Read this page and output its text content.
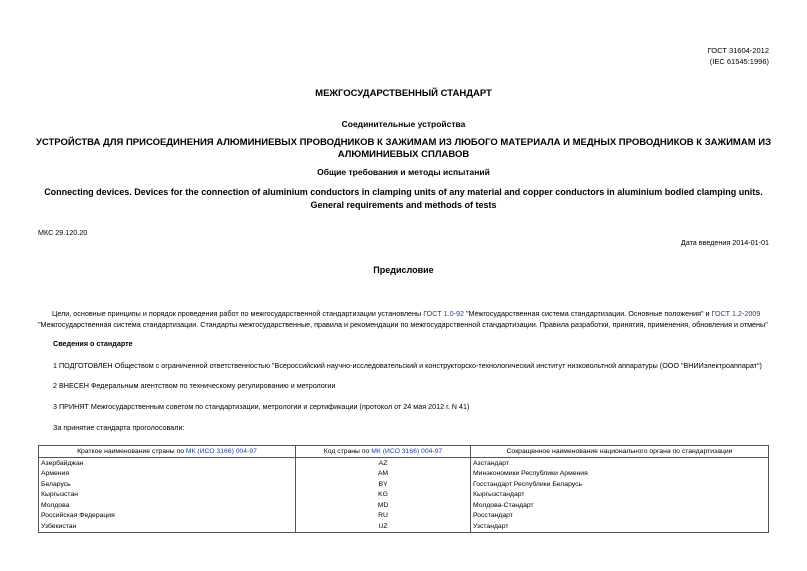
ГОСТ 31604-2012
(IEC 61545:1996)
МЕЖГОСУДАРСТВЕННЫЙ СТАНДАРТ
Соединительные устройства
УСТРОЙСТВА ДЛЯ ПРИСОЕДИНЕНИЯ АЛЮМИНИЕВЫХ ПРОВОДНИКОВ К ЗАЖИМАМ ИЗ ЛЮБОГО МАТЕРИАЛА И МЕДНЫХ ПРОВОДНИКОВ К ЗАЖИМАМ ИЗ
АЛЮМИНИЕВЫХ СПЛАВОВ
Общие требования и методы испытаний
Connecting devices. Devices for the connection of aluminium conductors in clamping units of any material and copper conductors in aluminium bodied clamping units.
General requirements and methods of tests
МКС 29.120.20
Дата введения 2014-01-01
Предисловие
Цели, основные принципы и порядок проведения работ по межгосударственной стандартизации установлены ГОСТ 1.0-92 "Межгосударственная система стандартизации. Основные положения" и ГОСТ 1.2-2009
"Межгосударственная система стандартизации. Стандарты межгосударственные, правила и рекомендации по межгосударственной стандартизации. Правила разработки, принятия, применения, обновления и отмены"
Сведения о стандарте
1 ПОДГОТОВЛЕН Обществом с ограниченной ответственностью "Всероссийский научно-исследовательский и конструкторско-технологический институт низковольтной аппаратуры (ООО "ВНИИэлектроаппарат")
2 ВНЕСЕН Федеральным агентством по техническому регулированию и метрологии
3 ПРИНЯТ Межгосударственным советом по стандартизации, метрологии и сертификации (протокол от 24 мая 2012 г. N 41)
За принятие стандарта проголосовали:
Краткое наименование страны по МК (ИСО 3166) 004-97	Код страны по МК (ИСО 3166) 004-97	Сокращенное наименование национального органа по стандартизации
Азербайджан	AZ	Азстандарт
Армения	AM	Минэкономики Республики Армения
Беларусь	BY	Госстандарт Республики Беларусь
Кыргызстан	KG	Кыргызстандарт
Молдова	MD	Молдова-Стандарт
Российская Федерация	RU	Росстандарт
Узбекистан	UZ	Узстандарт
